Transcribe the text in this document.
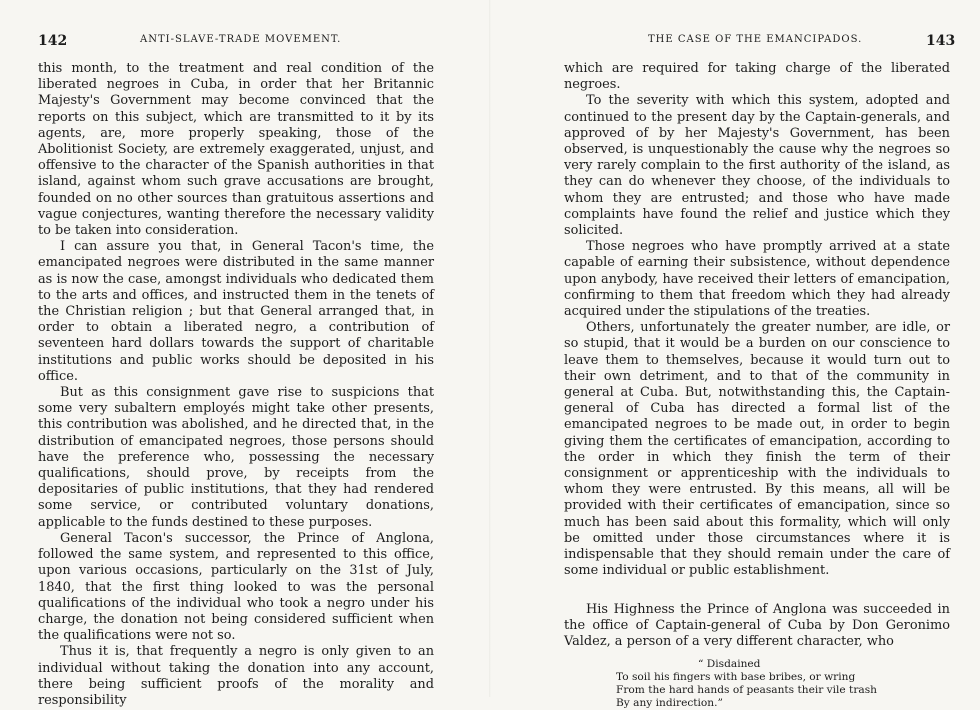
142	ANTI-SLAVE-TRADE MOVEMENT.

this month, to the treatment and real condition of the liberated negroes in Cuba, in order that her Britannic Majesty's Government may become convinced that the reports on this subject, which are transmitted to it by its agents, are, more properly speaking, those of the Abolitionist Society, are extremely exaggerated, unjust, and offensive to the character of the Spanish authorities in that island, against whom such grave accusations are brought, founded on no other sources than gratuitous assertions and vague conjectures, wanting therefore the necessary validity to be taken into consideration.

I can assure you that, in General Tacon's time, the emancipated negroes were distributed in the same manner as is now the case, amongst individuals who dedicated them to the arts and offices, and instructed them in the tenets of the Christian religion ; but that General arranged that, in order to obtain a liberated negro, a contribution of seventeen hard dollars towards the support of charitable institutions and public works should be deposited in his office.

But as this consignment gave rise to suspicions that some very subaltern employés might take other presents, this contribution was abolished, and he directed that, in the distribution of emancipated negroes, those persons should have the preference who, possessing the necessary qualifications, should prove, by receipts from the depositaries of public institutions, that they had rendered some service, or contributed voluntary donations, applicable to the funds destined to these purposes.

General Tacon's successor, the Prince of Anglona, followed the same system, and represented to this office, upon various occasions, particularly on the 31st of July, 1840, that the first thing looked to was the personal qualifications of the individual who took a negro under his charge, the donation not being considered sufficient when the qualifications were not so.

Thus it is, that frequently a negro is only given to an individual without taking the donation into any account, there being sufficient proofs of the morality and responsibility

THE CASE OF THE EMANCIPADOS.	143

which are required for taking charge of the liberated negroes.

To the severity with which this system, adopted and continued to the present day by the Captain-generals, and approved of by her Majesty's Government, has been observed, is unquestionably the cause why the negroes so very rarely complain to the first authority of the island, as they can do whenever they choose, of the individuals to whom they are entrusted; and those who have made complaints have found the relief and justice which they solicited.

Those negroes who have promptly arrived at a state capable of earning their subsistence, without dependence upon anybody, have received their letters of emancipation, confirming to them that freedom which they had already acquired under the stipulations of the treaties.

Others, unfortunately the greater number, are idle, or so stupid, that it would be a burden on our conscience to leave them to themselves, because it would turn out to their own detriment, and to that of the community in general at Cuba. But, notwithstanding this, the Captain-general of Cuba has directed a formal list of the emancipated negroes to be made out, in order to begin giving them the certificates of emancipation, according to the order in which they finish the term of their consignment or apprenticeship with the individuals to whom they were entrusted. By this means, all will be provided with their certificates of emancipation, since so much has been said about this formality, which will only be omitted under those circumstances where it is indispensable that they should remain under the care of some individual or public establishment.

His Highness the Prince of Anglona was succeeded in the office of Captain-general of Cuba by Don Geronimo Valdez, a person of a very different character, who

“ Disdained
To soil his fingers with base bribes, or wring
From the hard hands of peasants their vile trash
By any indirection.”
